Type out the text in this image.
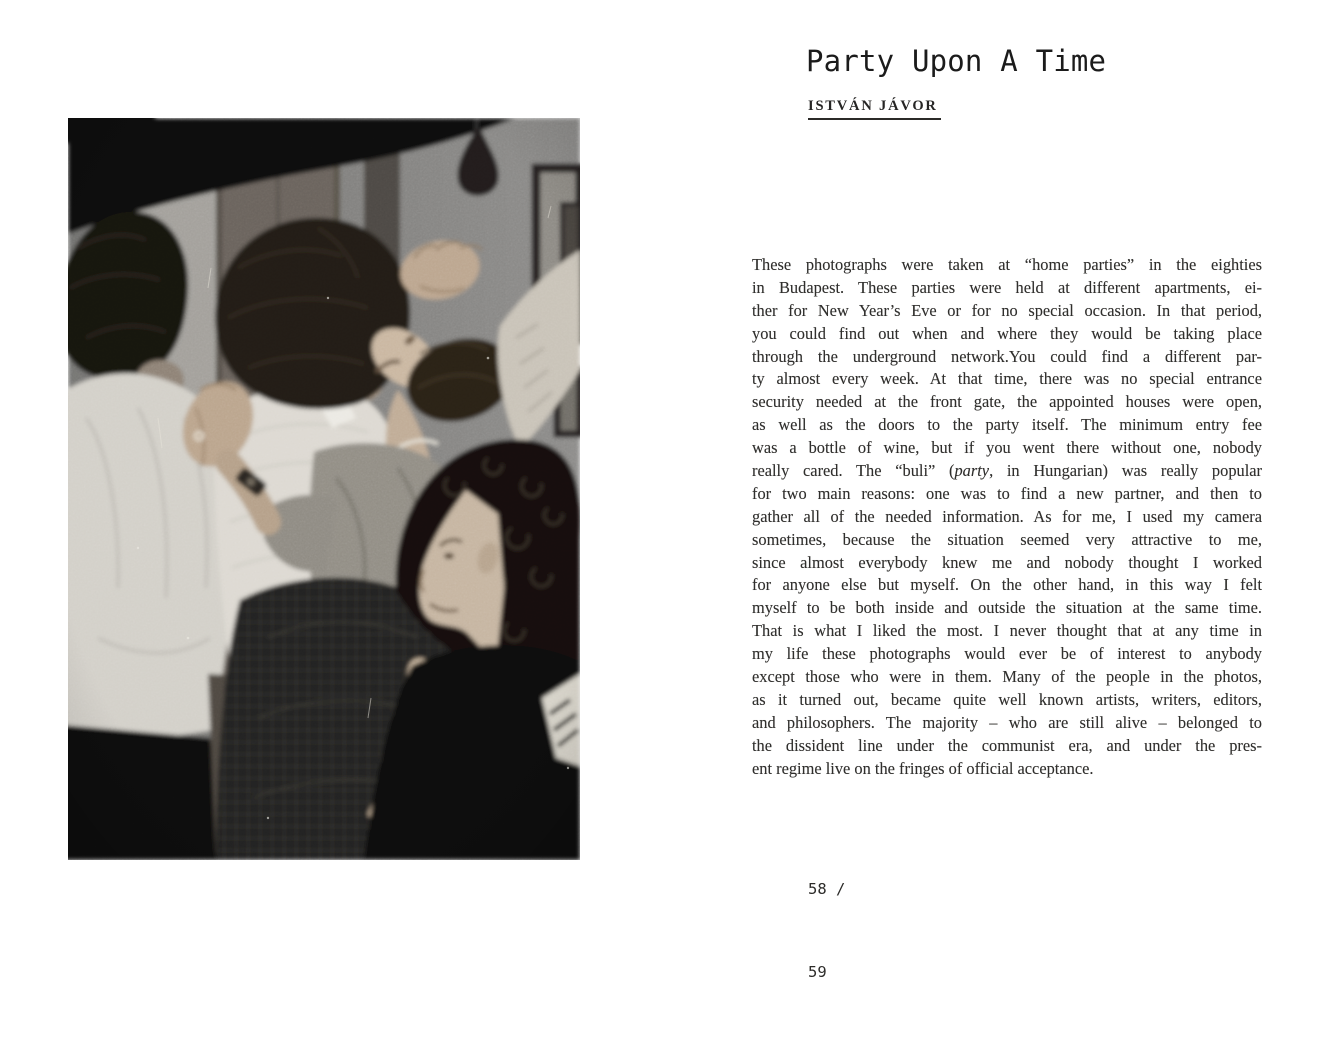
Party Upon A Time
ISTVÁN JÁVOR
These photographs were taken at “home parties” in the eighties
in Budapest. These parties were held at different apartments, ei-
ther for New Year’s Eve or for no special occasion. In that period,
you could find out when and where they would be taking place
through the underground network.You could find a different par-
ty almost every week. At that time, there was no special entrance
security needed at the front gate, the appointed houses were open,
as well as the doors to the party itself. The minimum entry fee
was a bottle of wine, but if you went there without one, nobody
really cared. The “buli” (party, in Hungarian) was really popular
for two main reasons: one was to find a new partner, and then to
gather all of the needed information. As for me, I used my camera
sometimes, because the situation seemed very attractive to me,
since almost everybody knew me and nobody thought I worked
for anyone else but myself. On the other hand, in this way I felt
myself to be both inside and outside the situation at the same time.
That is what I liked the most. I never thought that at any time in
my life these photographs would ever be of interest to anybody
except those who were in them. Many of the people in the photos,
as it turned out, became quite well known artists, writers, editors,
and philosophers. The majority – who are still alive – belonged to
the dissident line under the communist era, and under the pres-
ent regime live on the fringes of official acceptance.

58 /

59
